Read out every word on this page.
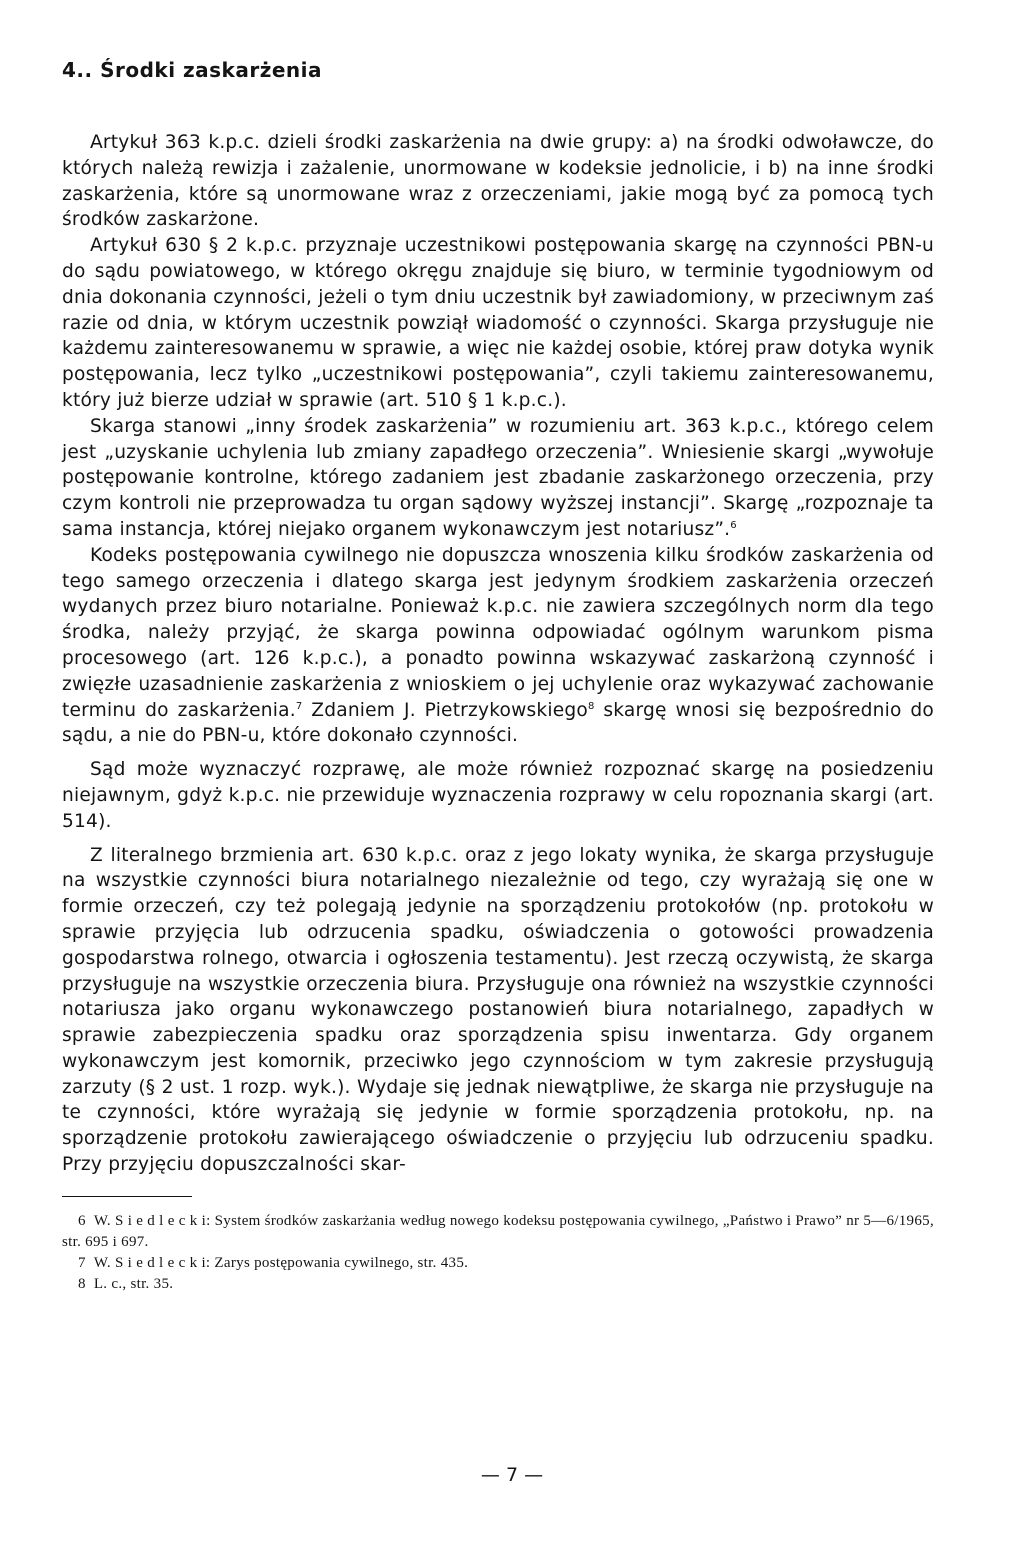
4.. Środki zaskarżenia

Artykuł 363 k.p.c. dzieli środki zaskarżenia na dwie grupy: a) na środki odwoławcze, do których należą rewizja i zażalenie, unormowane w kodeksie jednolicie, i b) na inne środki zaskarżenia, które są unormowane wraz z orzeczeniami, jakie mogą być za pomocą tych środków zaskarżone.

Artykuł 630 § 2 k.p.c. przyznaje uczestnikowi postępowania skargę na czynności PBN-u do sądu powiatowego, w którego okręgu znajduje się biuro, w terminie tygodniowym od dnia dokonania czynności, jeżeli o tym dniu uczestnik był zawiadomiony, w przeciwnym zaś razie od dnia, w którym uczestnik powziął wiadomość o czynności. Skarga przysługuje nie każdemu zainteresowanemu w sprawie, a więc nie każdej osobie, której praw dotyka wynik postępowania, lecz tylko „uczestnikowi postępowania”, czyli takiemu zainteresowanemu, który już bierze udział w sprawie (art. 510 § 1 k.p.c.).

Skarga stanowi „inny środek zaskarżenia” w rozumieniu art. 363 k.p.c., którego celem jest „uzyskanie uchylenia lub zmiany zapadłego orzeczenia”. Wniesienie skargi „wywołuje postępowanie kontrolne, którego zadaniem jest zbadanie zaskarżonego orzeczenia, przy czym kontroli nie przeprowadza tu organ sądowy wyższej instancji”. Skargę „rozpoznaje ta sama instancja, której niejako organem wykonawczym jest notariusz”.$^6$

Kodeks postępowania cywilnego nie dopuszcza wnoszenia kilku środków zaskarżenia od tego samego orzeczenia i dlatego skarga jest jedynym środkiem zaskarżenia orzeczeń wydanych przez biuro notarialne. Ponieważ k.p.c. nie zawiera szczególnych norm dla tego środka, należy przyjąć, że skarga powinna odpowiadać ogólnym warunkom pisma procesowego (art. 126 k.p.c.), a ponadto powinna wskazywać zaskarżoną czynność i zwięzłe uzasadnienie zaskarżenia z wnioskiem o jej uchylenie oraz wykazywać zachowanie terminu do zaskarżenia.$^7$ Zdaniem J. Pietrzykowskiego$^8$ skargę wnosi się bezpośrednio do sądu, a nie do PBN-u, które dokonało czynności.

Sąd może wyznaczyć rozprawę, ale może również rozpoznać skargę na posiedzeniu niejawnym, gdyż k.p.c. nie przewiduje wyznaczenia rozprawy w celu ropoznania skargi (art. 514).

Z literalnego brzmienia art. 630 k.p.c. oraz z jego lokaty wynika, że skarga przysługuje na wszystkie czynności biura notarialnego niezależnie od tego, czy wyrażają się one w formie orzeczeń, czy też polegają jedynie na sporządzeniu protokołów (np. protokołu w sprawie przyjęcia lub odrzucenia spadku, oświadczenia o gotowości prowadzenia gospodarstwa rolnego, otwarcia i ogłoszenia testamentu). Jest rzeczą oczywistą, że skarga przysługuje na wszystkie orzeczenia biura. Przysługuje ona również na wszystkie czynności notariusza jako organu wykonawczego postanowień biura notarialnego, zapadłych w sprawie zabezpieczenia spadku oraz sporządzenia spisu inwentarza. Gdy organem wykonawczym jest komornik, przeciwko jego czynnościom w tym zakresie przysługują zarzuty (§ 2 ust. 1 rozp. wyk.). Wydaje się jednak niewątpliwe, że skarga nie przysługuje na te czynności, które wyrażają się jedynie w formie sporządzenia protokołu, np. na sporządzenie protokołu zawierającego oświadczenie o przyjęciu lub odrzuceniu spadku. Przy przyjęciu dopuszczalności skar-

6 W. S i e d l e c k i: System środków zaskarżania według nowego kodeksu postępowania cywilnego, „Państwo i Prawo” nr 5—6/1965, str. 695 i 697.

7 W. S i e d l e c k i: Zarys postępowania cywilnego, str. 435.

8 L. c., str. 35.

— 7 —
